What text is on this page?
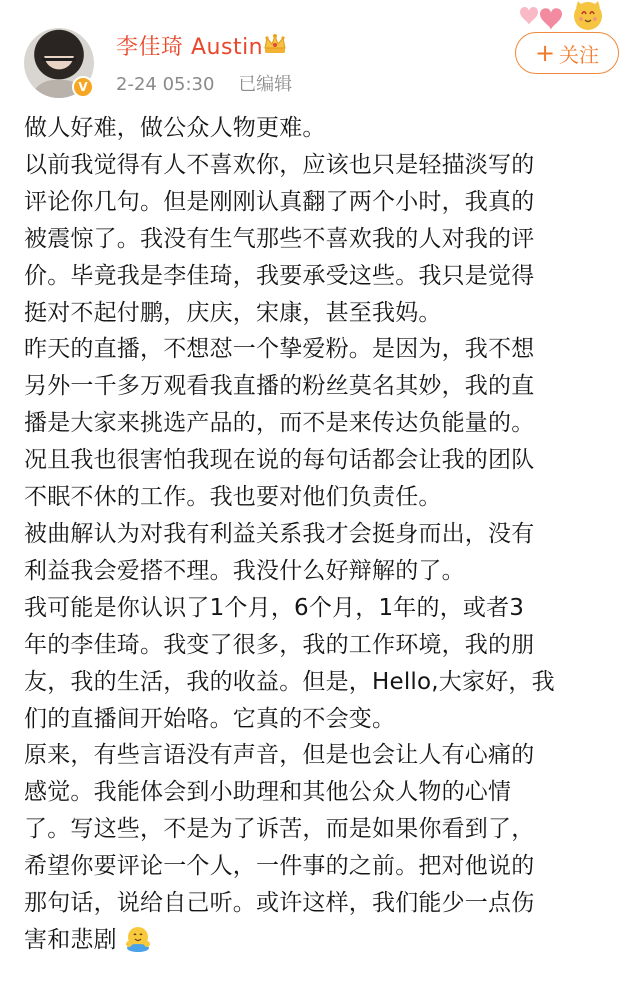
V
李佳琦 Austin
2-24 05:30 已编辑
+ 关注

做人好难，做公众人物更难。

以前我觉得有人不喜欢你，应该也只是轻描淡写的

评论你几句。但是刚刚认真翻了两个小时，我真的

被震惊了。我没有生气那些不喜欢我的人对我的评

价。毕竟我是李佳琦，我要承受这些。我只是觉得

挺对不起付鹏，庆庆，宋康，甚至我妈。

昨天的直播，不想怼一个挚爱粉。是因为，我不想

另外一千多万观看我直播的粉丝莫名其妙，我的直

播是大家来挑选产品的，而不是来传达负能量的。

况且我也很害怕我现在说的每句话都会让我的团队

不眠不休的工作。我也要对他们负责任。

被曲解认为对我有利益关系我才会挺身而出，没有

利益我会爱搭不理。我没什么好辩解的了。

我可能是你认识了1个月，6个月，1年的，或者3

年的李佳琦。我变了很多，我的工作环境，我的朋

友，我的生活，我的收益。但是，Hello,大家好，我

们的直播间开始咯。它真的不会变。

原来，有些言语没有声音，但是也会让人有心痛的

感觉。我能体会到小助理和其他公众人物的心情

了。写这些，不是为了诉苦，而是如果你看到了，

希望你要评论一个人，一件事的之前。把对他说的

那句话，说给自己听。或许这样，我们能少一点伤

害和悲剧
